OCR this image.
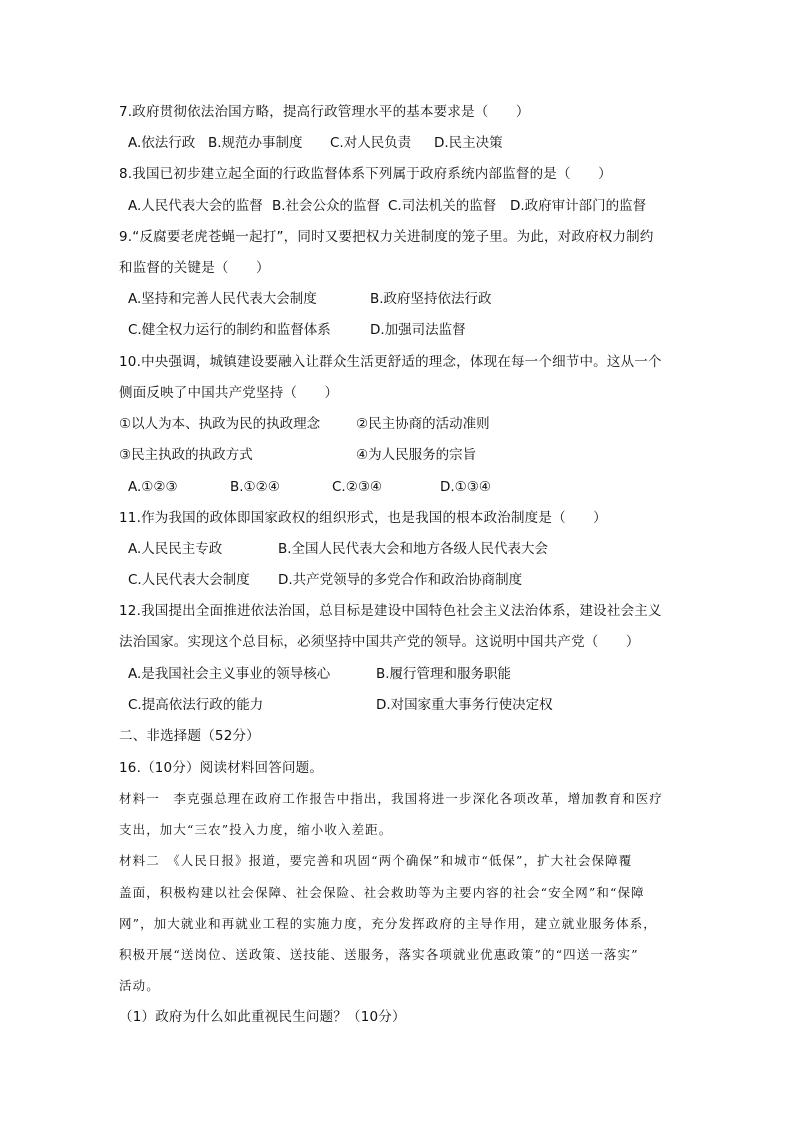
7.政府贯彻依法治国方略，提高行政管理水平的基本要求是（　　）
A.依法行政 B.规范办事制度 C.对人民负责 D.民主决策
8.我国已初步建立起全面的行政监督体系下列属于政府系统内部监督的是（　　）
A.人民代表大会的监督 B.社会公众的监督 C.司法机关的监督 D.政府审计部门的监督
9.“反腐要老虎苍蝇一起打”，同时又要把权力关进制度的笼子里。为此，对政府权力制约
和监督的关键是（　　）
A.坚持和完善人民代表大会制度	B.政府坚持依法行政
C.健全权力运行的制约和监督体系	D.加强司法监督
10.中央强调，城镇建设要融入让群众生活更舒适的理念，体现在每一个细节中。这从一个
侧面反映了中国共产党坚持（　　）
①以人为本、执政为民的执政理念	②民主协商的活动准则
③民主执政的执政方式	④为人民服务的宗旨
A.①②③	B.①②④	C.②③④	D.①③④
11.作为我国的政体即国家政权的组织形式，也是我国的根本政治制度是（　　）
A.人民民主专政	B.全国人民代表大会和地方各级人民代表大会
C.人民代表大会制度 D.共产党领导的多党合作和政治协商制度
12.我国提出全面推进依法治国，总目标是建设中国特色社会主义法治体系，建设社会主义
法治国家。实现这个总目标，必须坚持中国共产党的领导。这说明中国共产党（　　）
A.是我国社会主义事业的领导核心	B.履行管理和服务职能
C.提高依法行政的能力	D.对国家重大事务行使决定权
二、非选择题（52分）
16.（10分）阅读材料回答问题。
材料一　李克强总理在政府工作报告中指出，我国将进一步深化各项改革，增加教育和医疗
支出，加大“三农”投入力度，缩小收入差距。
材料二　《人民日报》报道，要完善和巩固“两个确保”和城市“低保”，扩大社会保障覆
盖面，积极构建以社会保障、社会保险、社会救助等为主要内容的社会“安全网”和“保障
网”，加大就业和再就业工程的实施力度，充分发挥政府的主导作用，建立就业服务体系，
积极开展“送岗位、送政策、送技能、送服务，落实各项就业优惠政策”的“四送一落实”
活动。
（1）政府为什么如此重视民生问题？（10分）
